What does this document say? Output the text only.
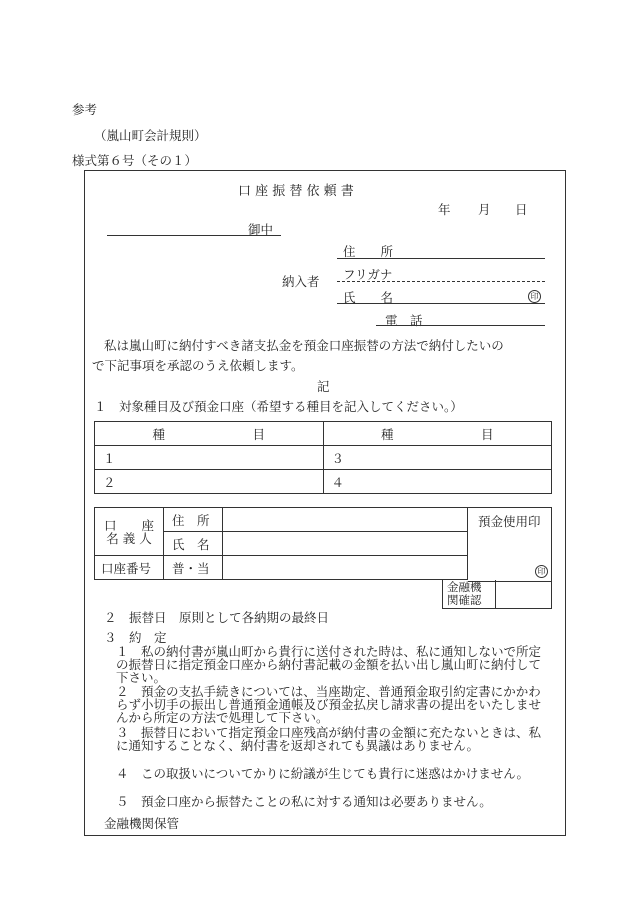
参考
（嵐山町会計規則）
様式第６号（その１）
口 座 振 替 依 頼 書
年 月 日
御中
納入者
住　　所
フリガナ
氏　　名	印
電　話
私は嵐山町に納付すべき諸支払金を預金口座振替の方法で納付したいの
で下記事項を承認のうえ依頼します。
記
１　対象種目及び預金口座（希望する種目を記入してください。）
種　　　　　　　目	種　　　　　　　目
１	３
２	４
口　　座
名 義 人	住　所	
	氏　名	
口座番号	普・当	
預金使用印
印
金融機
関確認
２　振替日　原則として各納期の最終日
３　約　定
１　私の納付書が嵐山町から貴行に送付された時は、私に通知しないで所定の振替日に指定預金口座から納付書記載の金額を払い出し嵐山町に納付して下さい。
２　預金の支払手続きについては、当座勘定、普通預金取引約定書にかかわらず小切手の振出し普通預金通帳及び預金払戻し請求書の提出をいたしませんから所定の方法で処理して下さい。
３　振替日において指定預金口座残高が納付書の金額に充たないときは、私に通知することなく、納付書を返却されても異議はありません。
４　この取扱いについてかりに紛議が生じても貴行に迷惑はかけません。
５　預金口座から振替たことの私に対する通知は必要ありません。
金融機関保管
